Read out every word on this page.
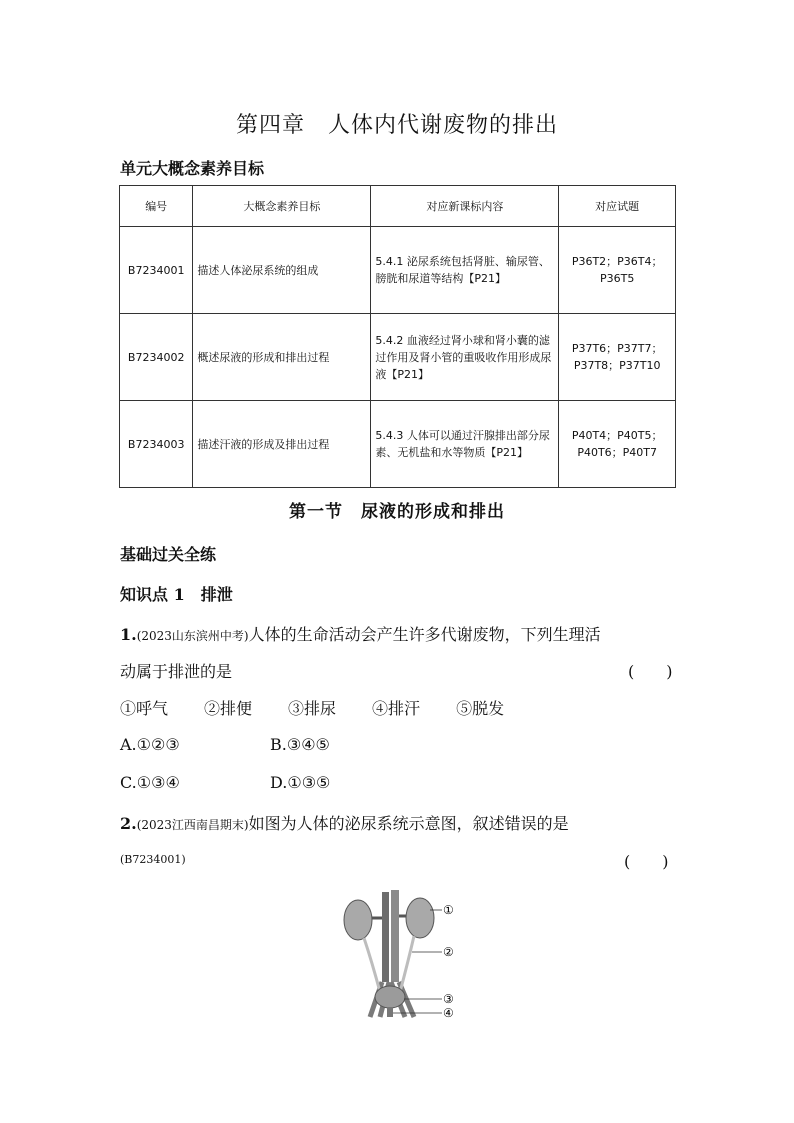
第四章　人体内代谢废物的排出
单元大概念素养目标
编号	大概念素养目标	对应新课标内容	对应试题
B7234001	描述人体泌尿系统的组成	5.4.1 泌尿系统包括肾脏、输尿管、膀胱和尿道等结构【P21】	P36T2；P36T4；P36T5
B7234002	概述尿液的形成和排出过程	5.4.2 血液经过肾小球和肾小囊的滤过作用及肾小管的重吸收作用形成尿液【P21】	P37T6；P37T7；P37T8；P37T10
B7234003	描述汗液的形成及排出过程	5.4.3 人体可以通过汗腺排出部分尿素、无机盐和水等物质【P21】	P40T4；P40T5；P40T6；P40T7
第一节　尿液的形成和排出
基础过关全练
知识点 1　排泄
1.(2023山东滨州中考)人体的生命活动会产生许多代谢废物，下列生理活
动属于排泄的是	(　　)
①呼气 ②排便 ③排尿 ④排汗 ⑤脱发
A.①②③	B.③④⑤
C.①③④	D.①③⑤
2.(2023江西南昌期末)如图为人体的泌尿系统示意图，叙述错误的是
(B7234001)	(　　)
①
②
③
④
